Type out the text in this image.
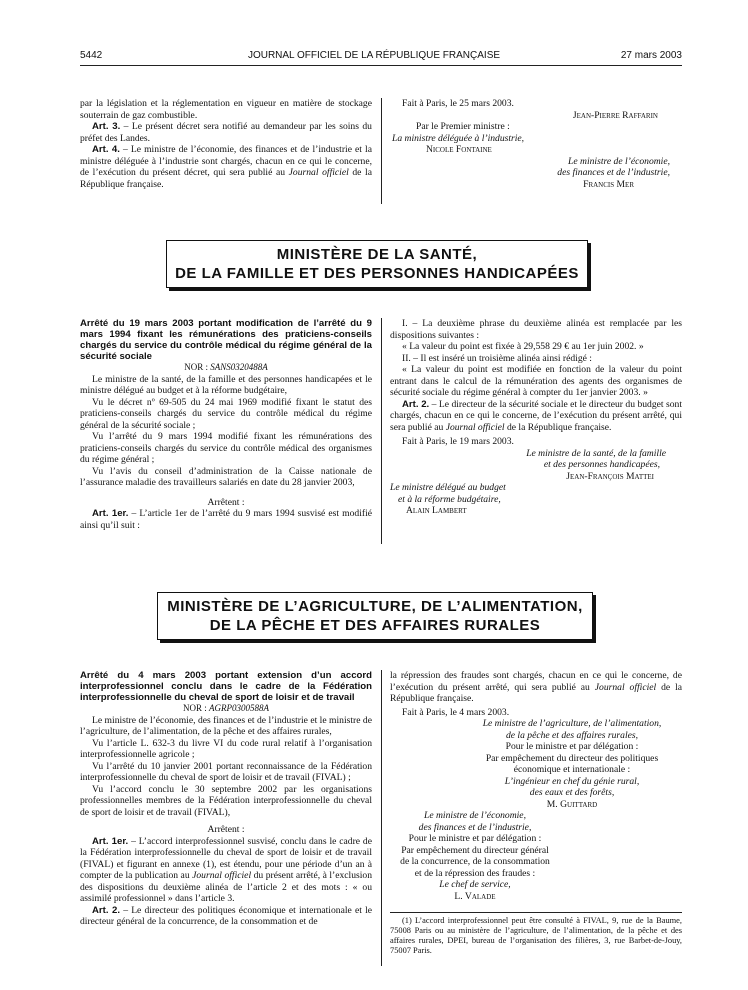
5442	JOURNAL OFFICIEL DE LA RÉPUBLIQUE FRANÇAISE	27 mars 2003

par la législation et la réglementation en vigueur en matière de stockage souterrain de gaz combustible.

Art. 3. – Le présent décret sera notifié au demandeur par les soins du préfet des Landes.

Art. 4. – Le ministre de l’économie, des finances et de l’industrie et la ministre déléguée à l’industrie sont chargés, chacun en ce qui le concerne, de l’exécution du présent décret, qui sera publié au Journal officiel de la République française.

Fait à Paris, le 25 mars 2003.

Jean-Pierre Raffarin

Par le Premier ministre :

La ministre déléguée à l’industrie,

Nicole Fontaine

Le ministre de l’économie,

des finances et de l’industrie,

Francis Mer

MINISTÈRE DE LA SANTÉ,
DE LA FAMILLE ET DES PERSONNES HANDICAPÉES

Arrêté du 19 mars 2003 portant modification de l’arrêté du 9 mars 1994 fixant les rémunérations des praticiens-conseils chargés du service du contrôle médical du régime général de la sécurité sociale

NOR : SANS0320488A

Le ministre de la santé, de la famille et des personnes handicapées et le ministre délégué au budget et à la réforme budgétaire,

Vu le décret nº 69-505 du 24 mai 1969 modifié fixant le statut des praticiens-conseils chargés du service du contrôle médical du régime général de la sécurité sociale ;

Vu l’arrêté du 9 mars 1994 modifié fixant les rémunérations des praticiens-conseils chargés du service du contrôle médical des organismes du régime général ;

Vu l’avis du conseil d’administration de la Caisse nationale de l’assurance maladie des travailleurs salariés en date du 28 janvier 2003,

Arrêtent :

Art. 1er. – L’article 1er de l’arrêté du 9 mars 1994 susvisé est modifié ainsi qu’il suit :

I. – La deuxième phrase du deuxième alinéa est remplacée par les dispositions suivantes :

« La valeur du point est fixée à 29,558 29 € au 1er juin 2002. »

II. – Il est inséré un troisième alinéa ainsi rédigé :

« La valeur du point est modifiée en fonction de la valeur du point entrant dans le calcul de la rémunération des agents des organismes de sécurité sociale du régime général à compter du 1er janvier 2003. »

Art. 2. – Le directeur de la sécurité sociale et le directeur du budget sont chargés, chacun en ce qui le concerne, de l’exécution du présent arrêté, qui sera publié au Journal officiel de la République française.

Fait à Paris, le 19 mars 2003.

Le ministre de la santé, de la famille

et des personnes handicapées,

Jean-François Mattei

Le ministre délégué au budget

et à la réforme budgétaire,

Alain Lambert

MINISTÈRE DE L’AGRICULTURE, DE L’ALIMENTATION,
DE LA PÊCHE ET DES AFFAIRES RURALES

Arrêté du 4 mars 2003 portant extension d’un accord interprofessionnel conclu dans le cadre de la Fédération interprofessionnelle du cheval de sport de loisir et de travail

NOR : AGRP0300588A

Le ministre de l’économie, des finances et de l’industrie et le ministre de l’agriculture, de l’alimentation, de la pêche et des affaires rurales,

Vu l’article L. 632-3 du livre VI du code rural relatif à l’organisation interprofessionnelle agricole ;

Vu l’arrêté du 10 janvier 2001 portant reconnaissance de la Fédération interprofessionnelle du cheval de sport de loisir et de travail (FIVAL) ;

Vu l’accord conclu le 30 septembre 2002 par les organisations professionnelles membres de la Fédération interprofessionnelle du cheval de sport de loisir et de travail (FIVAL),

Arrêtent :

Art. 1er. – L’accord interprofessionnel susvisé, conclu dans le cadre de la Fédération interprofessionnelle du cheval de sport de loisir et de travail (FIVAL) et figurant en annexe (1), est étendu, pour une période d’un an à compter de la publication au Journal officiel du présent arrêté, à l’exclusion des dispositions du deuxième alinéa de l’article 2 et des mots : « ou assimilé professionnel » dans l’article 3.

Art. 2. – Le directeur des politiques économique et internationale et le directeur général de la concurrence, de la consommation et de

la répression des fraudes sont chargés, chacun en ce qui le concerne, de l’exécution du présent arrêté, qui sera publié au Journal officiel de la République française.

Fait à Paris, le 4 mars 2003.

Le ministre de l’agriculture, de l’alimentation,

de la pêche et des affaires rurales,

Pour le ministre et par délégation :

Par empêchement du directeur des politiques

économique et internationale :

L’ingénieur en chef du génie rural,

des eaux et des forêts,

M. Guittard

Le ministre de l’économie,

des finances et de l’industrie,

Pour le ministre et par délégation :

Par empêchement du directeur général

de la concurrence, de la consommation

et de la répression des fraudes :

Le chef de service,

L. Valade

(1) L’accord interprofessionnel peut être consulté à FIVAL, 9, rue de la Baume, 75008 Paris ou au ministère de l’agriculture, de l’alimentation, de la pêche et des affaires rurales, DPEI, bureau de l’organisation des filières, 3, rue Barbet-de-Jouy, 75007 Paris.
